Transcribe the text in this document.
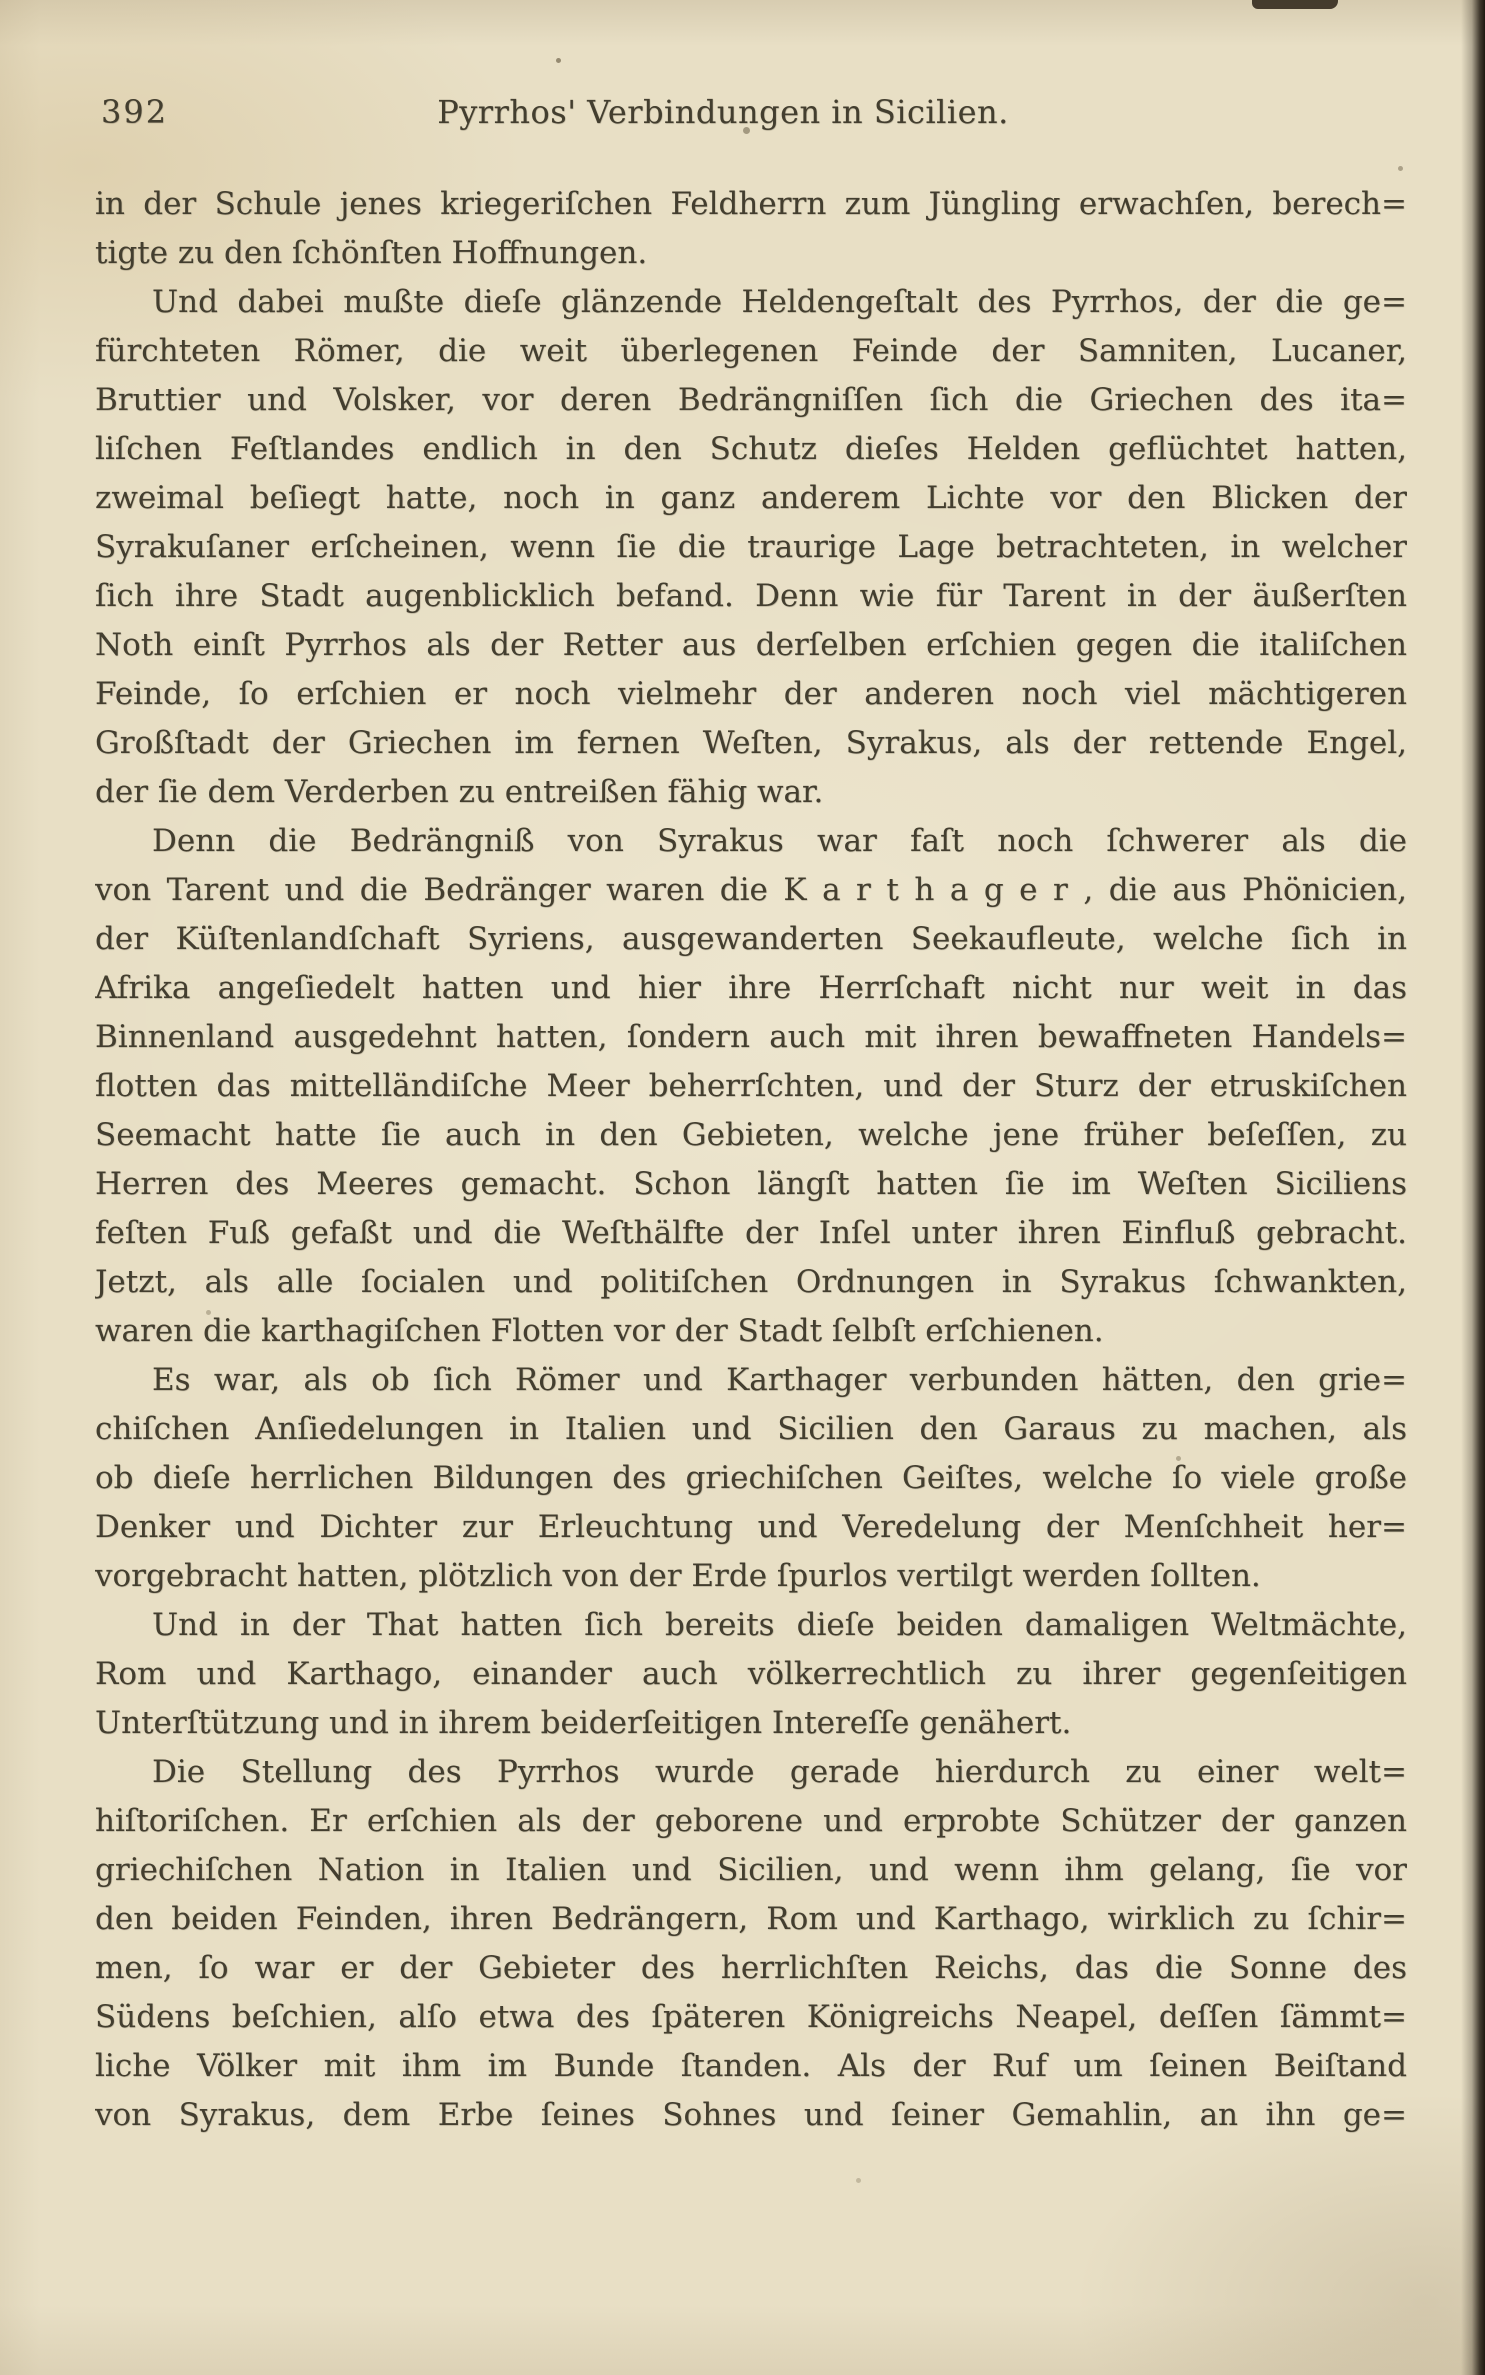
392	Pyrrhos' Verbindungen in Sicilien.
in der Schule jenes kriegeriſchen Feldherrn zum Jüngling erwachſen, berech=
tigte zu den ſchönſten Hoffnungen.
Und dabei mußte dieſe glänzende Heldengeſtalt des Pyrrhos, der die ge=
fürchteten Römer, die weit überlegenen Feinde der Samniten, Lucaner,
Bruttier und Volsker, vor deren Bedrängniſſen ſich die Griechen des ita=
liſchen Feſtlandes endlich in den Schutz dieſes Helden geflüchtet hatten,
zweimal beſiegt hatte, noch in ganz anderem Lichte vor den Blicken der
Syrakuſaner erſcheinen, wenn ſie die traurige Lage betrachteten, in welcher
ſich ihre Stadt augenblicklich befand. Denn wie für Tarent in der äußerſten
Noth einſt Pyrrhos als der Retter aus derſelben erſchien gegen die italiſchen
Feinde, ſo erſchien er noch vielmehr der anderen noch viel mächtigeren
Großſtadt der Griechen im fernen Weſten, Syrakus, als der rettende Engel,
der ſie dem Verderben zu entreißen fähig war.
Denn die Bedrängniß von Syrakus war faſt noch ſchwerer als die
von Tarent und die Bedränger waren die K a r t h a g e r , die aus Phönicien,
der Küſtenlandſchaft Syriens, ausgewanderten Seekaufleute, welche ſich in
Afrika angeſiedelt hatten und hier ihre Herrſchaft nicht nur weit in das
Binnenland ausgedehnt hatten, ſondern auch mit ihren bewaffneten Handels=
flotten das mittelländiſche Meer beherrſchten, und der Sturz der etruskiſchen
Seemacht hatte ſie auch in den Gebieten, welche jene früher beſeſſen, zu
Herren des Meeres gemacht. Schon längſt hatten ſie im Weſten Siciliens
feſten Fuß gefaßt und die Weſthälfte der Inſel unter ihren Einfluß gebracht.
Jetzt, als alle ſocialen und politiſchen Ordnungen in Syrakus ſchwankten,
waren die karthagiſchen Flotten vor der Stadt ſelbſt erſchienen.
Es war, als ob ſich Römer und Karthager verbunden hätten, den grie=
chiſchen Anſiedelungen in Italien und Sicilien den Garaus zu machen, als
ob dieſe herrlichen Bildungen des griechiſchen Geiſtes, welche ſo viele große
Denker und Dichter zur Erleuchtung und Veredelung der Menſchheit her=
vorgebracht hatten, plötzlich von der Erde ſpurlos vertilgt werden ſollten.
Und in der That hatten ſich bereits dieſe beiden damaligen Weltmächte,
Rom und Karthago, einander auch völkerrechtlich zu ihrer gegenſeitigen
Unterſtützung und in ihrem beiderſeitigen Intereſſe genähert.
Die Stellung des Pyrrhos wurde gerade hierdurch zu einer welt=
hiſtoriſchen. Er erſchien als der geborene und erprobte Schützer der ganzen
griechiſchen Nation in Italien und Sicilien, und wenn ihm gelang, ſie vor
den beiden Feinden, ihren Bedrängern, Rom und Karthago, wirklich zu ſchir=
men, ſo war er der Gebieter des herrlichſten Reichs, das die Sonne des
Südens beſchien, alſo etwa des ſpäteren Königreichs Neapel, deſſen ſämmt=
liche Völker mit ihm im Bunde ſtanden. Als der Ruf um ſeinen Beiſtand
von Syrakus, dem Erbe ſeines Sohnes und ſeiner Gemahlin, an ihn ge=
